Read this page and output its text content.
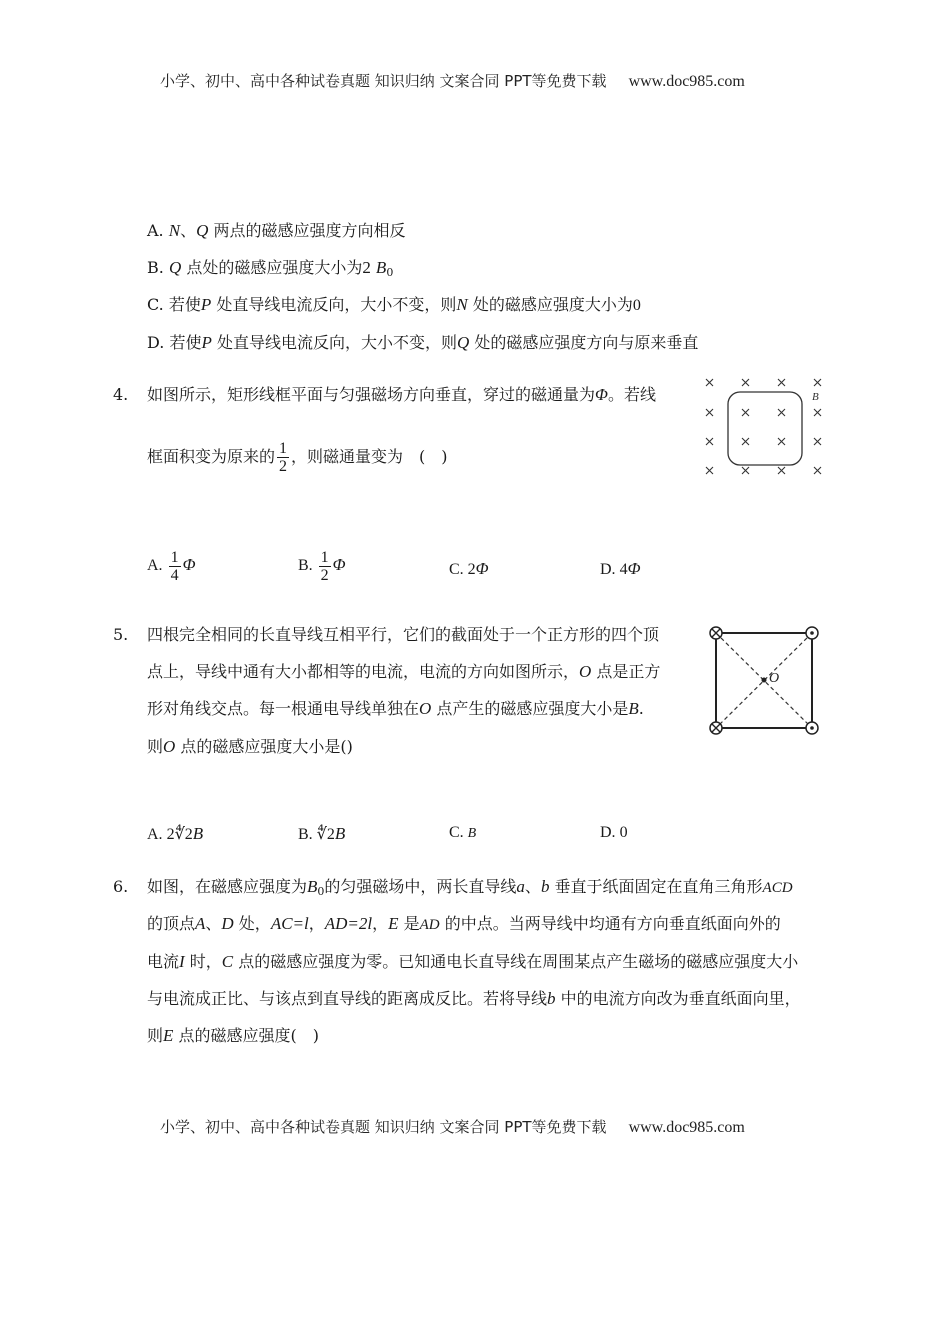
小学、初中、高中各种试卷真题 知识归纳 文案合同 PPT等免费下载 www.doc985.com
A. N、Q 两点的磁感应强度方向相反
B. Q 点处的磁感应强度大小为2 $B_0$
C. 若使P 处直导线电流反向，大小不变，则N 处的磁感应强度大小为0
D. 若使P 处直导线电流反向，大小不变，则Q 处的磁感应强度方向与原来垂直
4. 如图所示，矩形线框平面与匀强磁场方向垂直，穿过的磁通量为Φ。若线
框面积变为原来的 $\frac{1}{2}$ ，则磁通量变为　(　)
B
A. $\frac{1}{4}$ Φ	B. $\frac{1}{2}$ Φ	C. 2Φ	D. 4Φ
5. 四根完全相同的长直导线互相平行，它们的截面处于一个正方形的四个顶
点上，导线中通有大小都相等的电流，电流的方向如图所示，O 点是正方
形对角线交点。每一根通电导线单独在O 点产生的磁感应强度大小是B.
则O 点的磁感应强度大小是()
O
A. 2∜2B	B. ∜2B	C. B	D. 0
6. 如图，在磁感应强度为$B_0$的匀强磁场中，两长直导线a、b 垂直于纸面固定在直角三角形ACD
的顶点A、D 处，AC=l，AD=2l，E 是AD 的中点。当两导线中均通有方向垂直纸面向外的
电流I 时，C 点的磁感应强度为零。已知通电长直导线在周围某点产生磁场的磁感应强度大小
与电流成正比、与该点到直导线的距离成反比。若将导线b 中的电流方向改为垂直纸面向里，
则E 点的磁感应强度(　)
小学、初中、高中各种试卷真题 知识归纳 文案合同 PPT等免费下载 www.doc985.com
